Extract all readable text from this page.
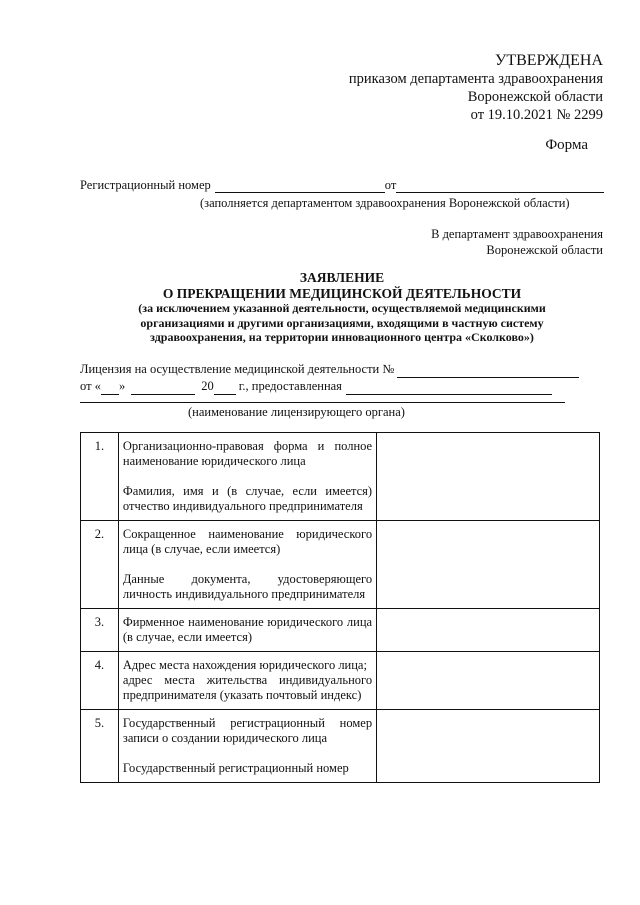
УТВЕРЖДЕНА
приказом департамента здравоохранения
Воронежской области
от 19.10.2021 № 2299
Форма
Регистрационный номер	от
(заполняется департаментом здравоохранения Воронежской области)
В департамент здравоохранения
Воронежской области
ЗАЯВЛЕНИЕ
О ПРЕКРАЩЕНИИ МЕДИЦИНСКОЙ ДЕЯТЕЛЬНОСТИ
(за исключением указанной деятельности, осуществляемой медицинскими
организациями и другими организациями, входящими в частную систему
здравоохранения, на территории инновационного центра «Сколково»)
Лицензия на осуществление медицинской деятельности №
от « »	20 г., предоставленная
(наименование лицензирующего органа)
1.	Организационно-правовая форма и полное наименование юридического лица
Фамилия, имя и (в случае, если имеется) отчество индивидуального предпринимателя	

2.	Сокращенное наименование юридического лица (в случае, если имеется)
Данные документа, удостоверяющего личность индивидуального предпринимателя	

3.	Фирменное наименование юридического лица (в случае, если имеется)	

4.	Адрес места нахождения юридического лица;
адрес места жительства индивидуального предпринимателя (указать почтовый индекс)	

5.	Государственный регистрационный номер записи о создании юридического лица
Государственный регистрационный номер	
